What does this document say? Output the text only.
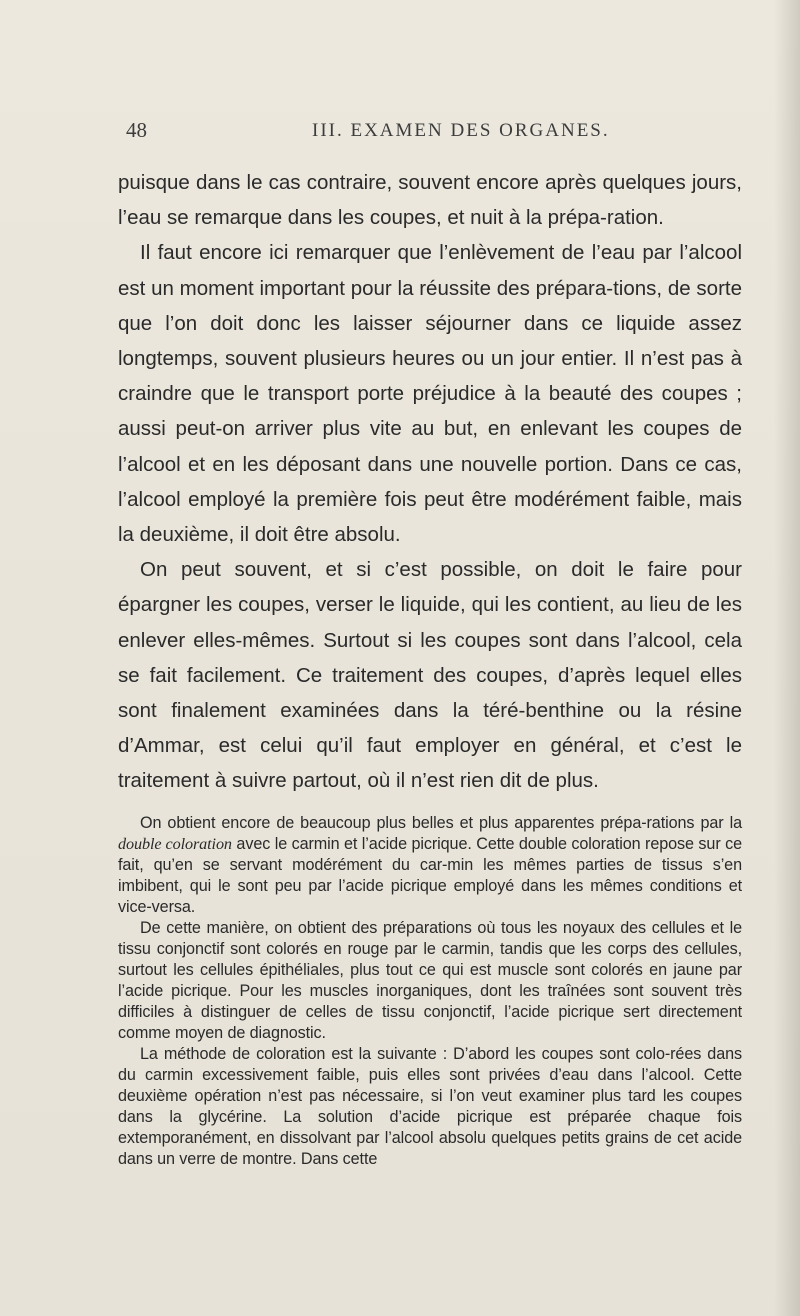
48	III. EXAMEN DES ORGANES.

puisque dans le cas contraire, souvent encore après quelques jours, l’eau se remarque dans les coupes, et nuit à la prépa-ration.

Il faut encore ici remarquer que l’enlèvement de l’eau par l’alcool est un moment important pour la réussite des prépara-tions, de sorte que l’on doit donc les laisser séjourner dans ce liquide assez longtemps, souvent plusieurs heures ou un jour entier. Il n’est pas à craindre que le transport porte préjudice à la beauté des coupes ; aussi peut-on arriver plus vite au but, en enlevant les coupes de l’alcool et en les déposant dans une nouvelle portion. Dans ce cas, l’alcool employé la première fois peut être modérément faible, mais la deuxième, il doit être absolu.

On peut souvent, et si c’est possible, on doit le faire pour épargner les coupes, verser le liquide, qui les contient, au lieu de les enlever elles-mêmes. Surtout si les coupes sont dans l’alcool, cela se fait facilement. Ce traitement des coupes, d’après lequel elles sont finalement examinées dans la téré-benthine ou la résine d’Ammar, est celui qu’il faut employer en général, et c’est le traitement à suivre partout, où il n’est rien dit de plus.

On obtient encore de beaucoup plus belles et plus apparentes prépa-rations par la double coloration avec le carmin et l’acide picrique. Cette double coloration repose sur ce fait, qu’en se servant modérément du car-min les mêmes parties de tissus s’en imbibent, qui le sont peu par l’acide picrique employé dans les mêmes conditions et vice-versa.

De cette manière, on obtient des préparations où tous les noyaux des cellules et le tissu conjonctif sont colorés en rouge par le carmin, tandis que les corps des cellules, surtout les cellules épithéliales, plus tout ce qui est muscle sont colorés en jaune par l’acide picrique. Pour les muscles inorganiques, dont les traînées sont souvent très difficiles à distinguer de celles de tissu conjonctif, l’acide picrique sert directement comme moyen de diagnostic.

La méthode de coloration est la suivante : D’abord les coupes sont colo-rées dans du carmin excessivement faible, puis elles sont privées d’eau dans l’alcool. Cette deuxième opération n’est pas nécessaire, si l’on veut examiner plus tard les coupes dans la glycérine. La solution d’acide picrique est préparée chaque fois extemporanément, en dissolvant par l’alcool absolu quelques petits grains de cet acide dans un verre de montre. Dans cette
